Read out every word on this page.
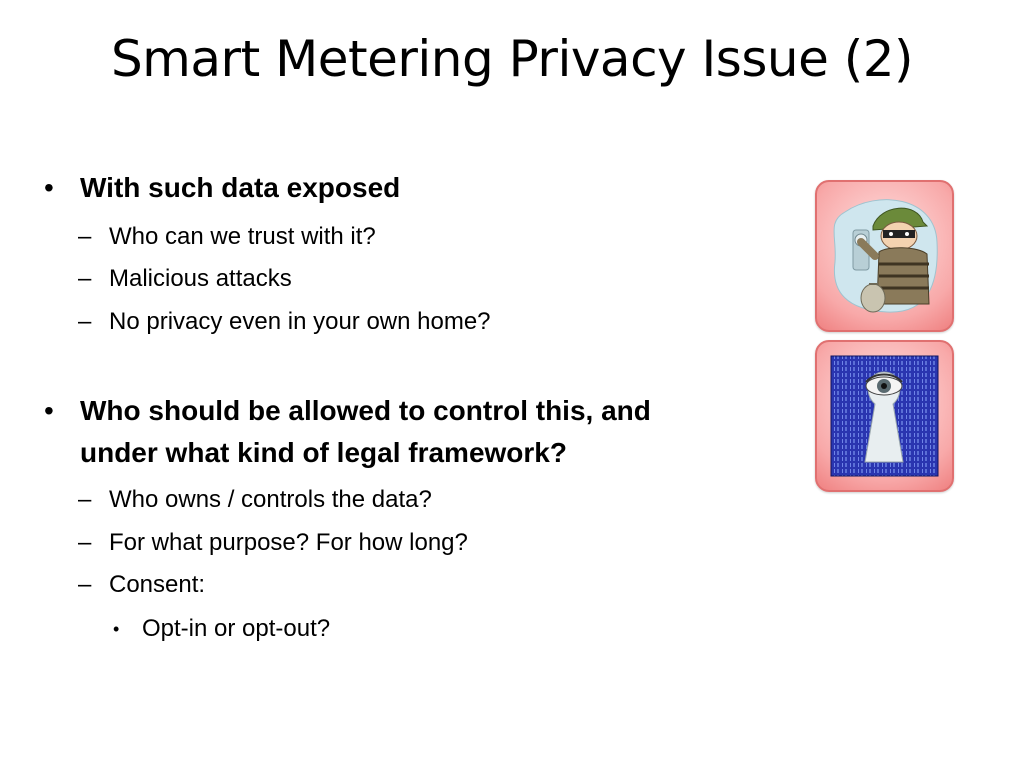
Smart Metering Privacy Issue (2)
• With such data exposed
– Who can we trust with it?
– Malicious attacks
– No privacy even in your own home?
• Who should be allowed to control this, and
under what kind of legal framework?
– Who owns / controls the data?
– For what purpose? For how long?
– Consent:
• Opt-in or opt-out?
